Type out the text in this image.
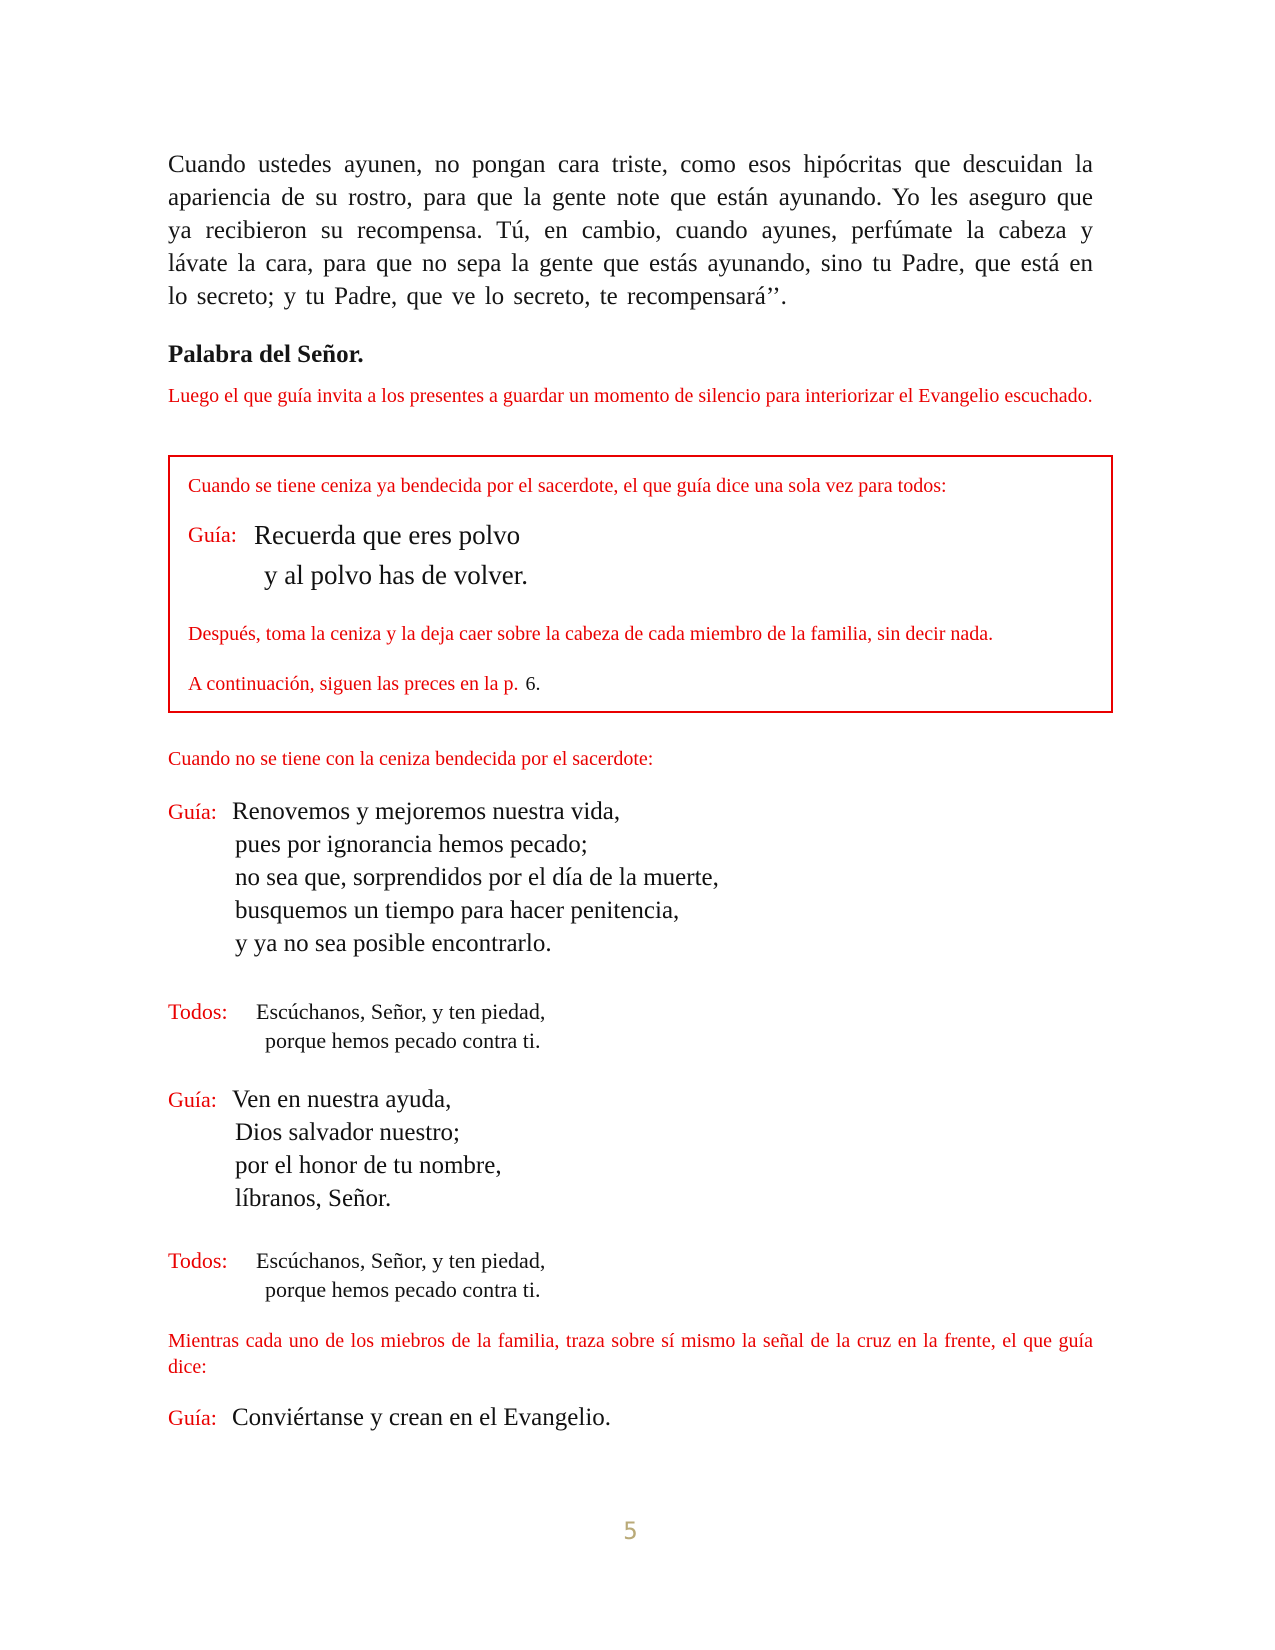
Cuando ustedes ayunen, no pongan cara triste, como esos hipócritas que descuidan la apariencia de su rostro, para que la gente note que están ayunando. Yo les aseguro que ya recibieron su recompensa. Tú, en cambio, cuando ayunes, perfúmate la cabeza y lávate la cara, para que no sepa la gente que estás ayunando, sino tu Padre, que está en lo secreto; y tu Padre, que ve lo secreto, te recompensará’’.

Palabra del Señor.

Luego el que guía invita a los presentes a guardar un momento de silencio para interiorizar el Evangelio escuchado.

Cuando se tiene ceniza ya bendecida por el sacerdote, el que guía dice una sola vez para todos:
Guía: Recuerda que eres polvo
y al polvo has de volver.
Después, toma la ceniza y la deja caer sobre la cabeza de cada miembro de la familia, sin decir nada.
A continuación, siguen las preces en la p. 6.
Cuando no se tiene con la ceniza bendecida por el sacerdote:
Guía: Renovemos y mejoremos nuestra vida,
pues por ignorancia hemos pecado;
no sea que, sorprendidos por el día de la muerte,
busquemos un tiempo para hacer penitencia,
y ya no sea posible encontrarlo.
Todos:	Escúchanos, Señor, y ten piedad,
porque hemos pecado contra ti.
Guía: Ven en nuestra ayuda,
Dios salvador nuestro;
por el honor de tu nombre,
líbranos, Señor.
Todos:	Escúchanos, Señor, y ten piedad,
porque hemos pecado contra ti.
Mientras cada uno de los miebros de la familia, traza sobre sí mismo la señal de la cruz en la frente, el que guía dice:
Guía: Conviértanse y crean en el Evangelio.
5
